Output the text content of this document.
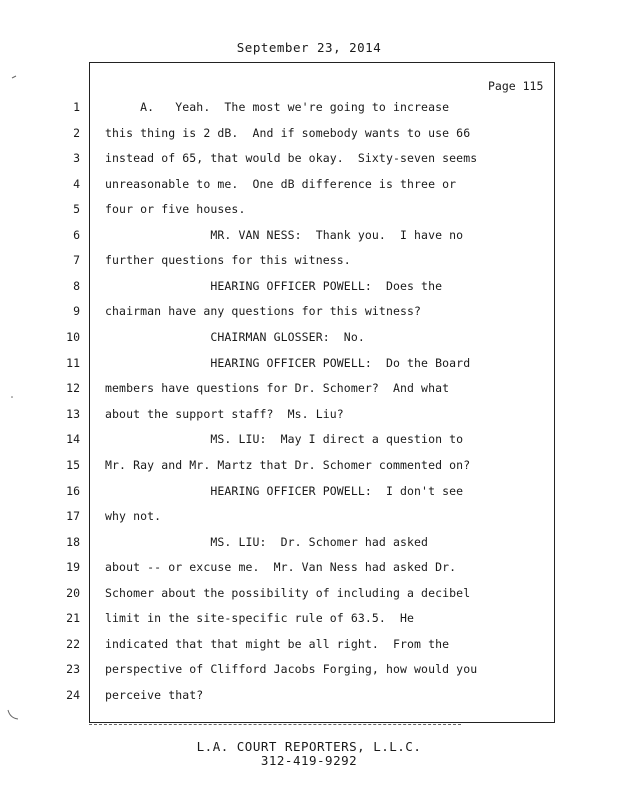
September 23, 2014
Page 115
1
2
3
4
5
6
7
8
9
10
11
12
13
14
15
16
17
18
19
20
21
22
23
24
A.   Yeah.  The most we're going to increase
this thing is 2 dB.  And if somebody wants to use 66
instead of 65, that would be okay.  Sixty-seven seems
unreasonable to me.  One dB difference is three or
four or five houses.
MR. VAN NESS:  Thank you.  I have no
further questions for this witness.
HEARING OFFICER POWELL:  Does the
chairman have any questions for this witness?
CHAIRMAN GLOSSER:  No.
HEARING OFFICER POWELL:  Do the Board
members have questions for Dr. Schomer?  And what
about the support staff?  Ms. Liu?
MS. LIU:  May I direct a question to
Mr. Ray and Mr. Martz that Dr. Schomer commented on?
HEARING OFFICER POWELL:  I don't see
why not.
MS. LIU:  Dr. Schomer had asked
about -- or excuse me.  Mr. Van Ness had asked Dr.
Schomer about the possibility of including a decibel
limit in the site-specific rule of 63.5.  He
indicated that that might be all right.  From the
perspective of Clifford Jacobs Forging, how would you
perceive that?
L.A. COURT REPORTERS, L.L.C.
312-419-9292
